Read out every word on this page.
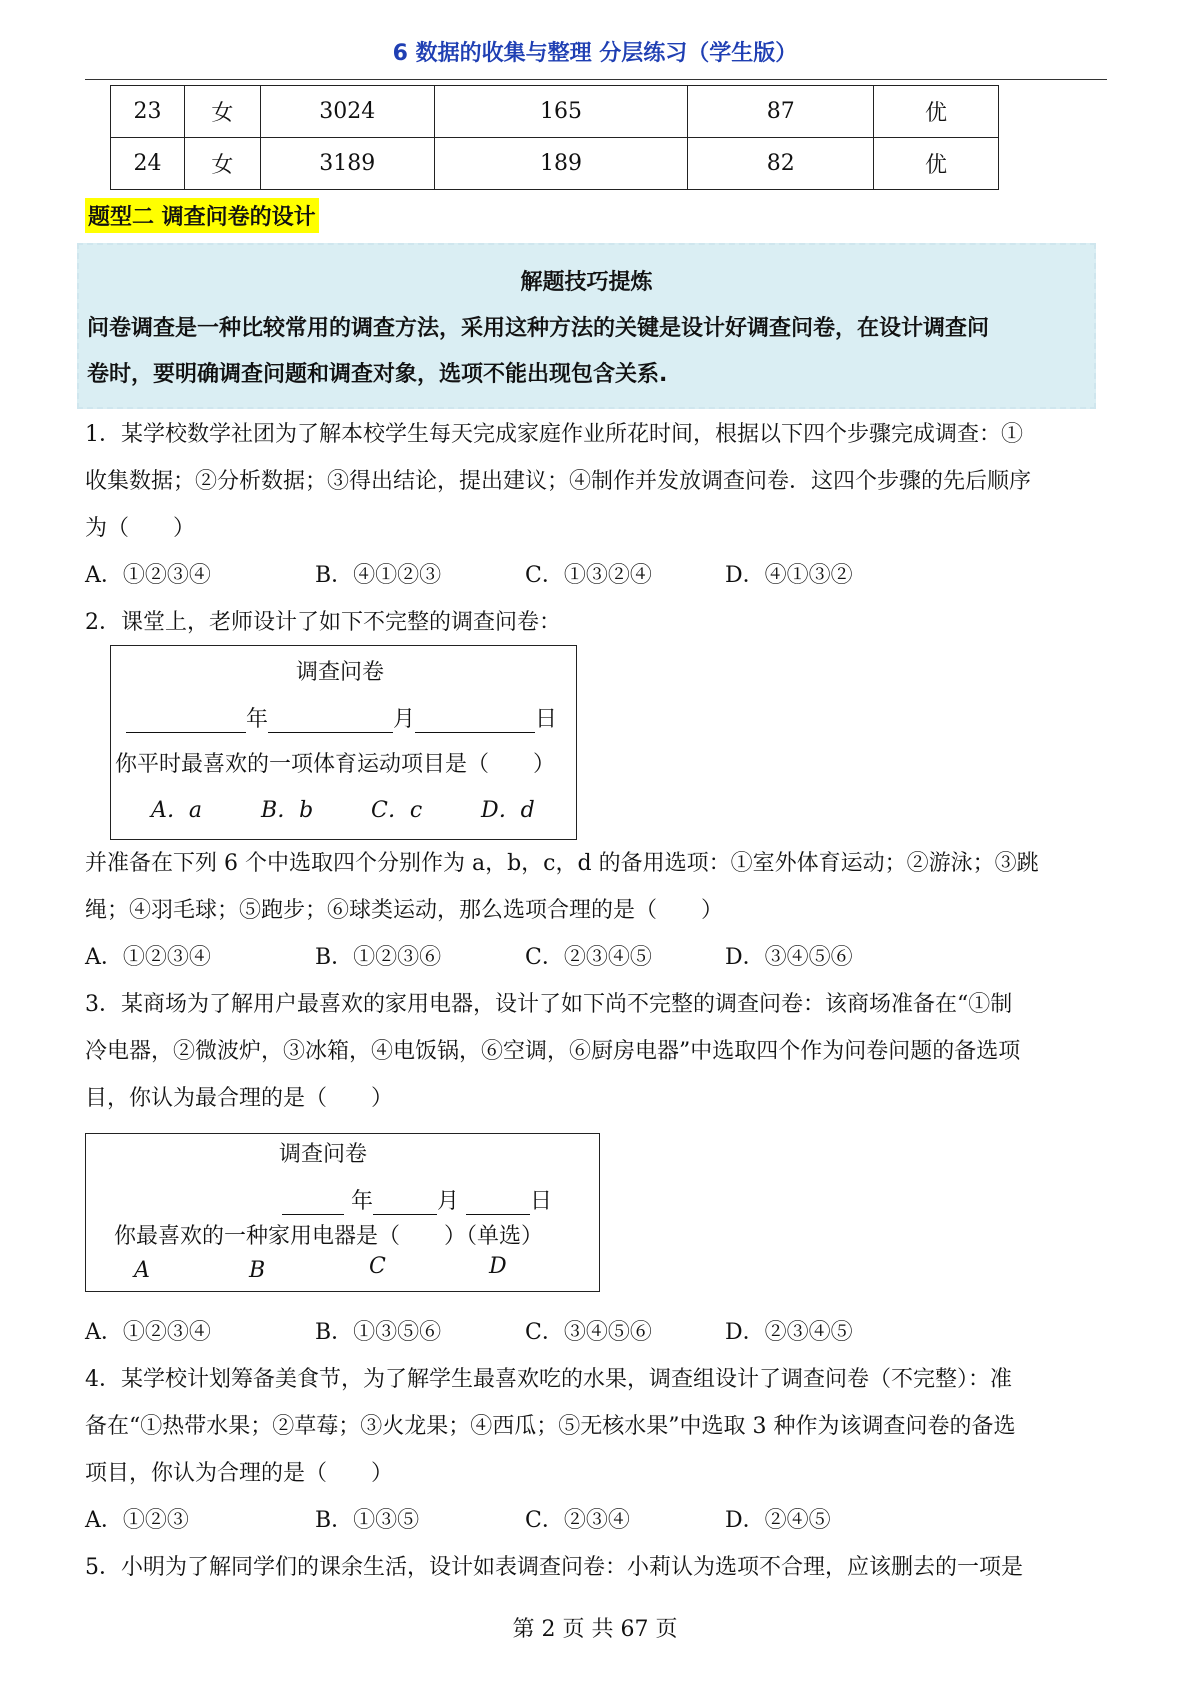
6 数据的收集与整理 分层练习（学生版）
23	女	3024	165	87	优
24	女	3189	189	82	优
题型二 调查问卷的设计
解题技巧提炼
问卷调查是一种比较常用的调查方法，采用这种方法的关键是设计好调查问卷，在设计调查问
卷时，要明确调查问题和调查对象，选项不能出现包含关系.
1．某学校数学社团为了解本校学生每天完成家庭作业所花时间，根据以下四个步骤完成调查：①
收集数据；②分析数据；③得出结论，提出建议；④制作并发放调查问卷．这四个步骤的先后顺序
为（　　）
A．①②③④	B．④①②③	C．①③②④	D．④①③②
2．课堂上，老师设计了如下不完整的调查问卷：
调查问卷
年	月	日
你平时最喜欢的一项体育运动项目是（　　）
A．a	B．b	C．c	D．d
并准备在下列 6 个中选取四个分别作为 a，b，c，d 的备用选项：①室外体育运动；②游泳；③跳
绳；④羽毛球；⑤跑步；⑥球类运动，那么选项合理的是（　　）
A．①②③④	B．①②③⑥	C．②③④⑤	D．③④⑤⑥
3．某商场为了解用户最喜欢的家用电器，设计了如下尚不完整的调查问卷：该商场准备在“①制
冷电器，②微波炉，③冰箱，④电饭锅，⑥空调，⑥厨房电器”中选取四个作为问卷问题的备选项
目，你认为最合理的是（　　）
调查问卷
年	月	日
你最喜欢的一种家用电器是（　　）（单选）
A	B	C	D
A．①②③④	B．①③⑤⑥	C．③④⑤⑥	D．②③④⑤
4．某学校计划筹备美食节，为了解学生最喜欢吃的水果，调查组设计了调查问卷（不完整）：准
备在“①热带水果；②草莓；③火龙果；④西瓜；⑤无核水果”中选取 3 种作为该调查问卷的备选
项目，你认为合理的是（　　）
A．①②③	B．①③⑤	C．②③④	D．②④⑤
5．小明为了解同学们的课余生活，设计如表调查问卷：小莉认为选项不合理，应该删去的一项是
第 2 页 共 67 页
